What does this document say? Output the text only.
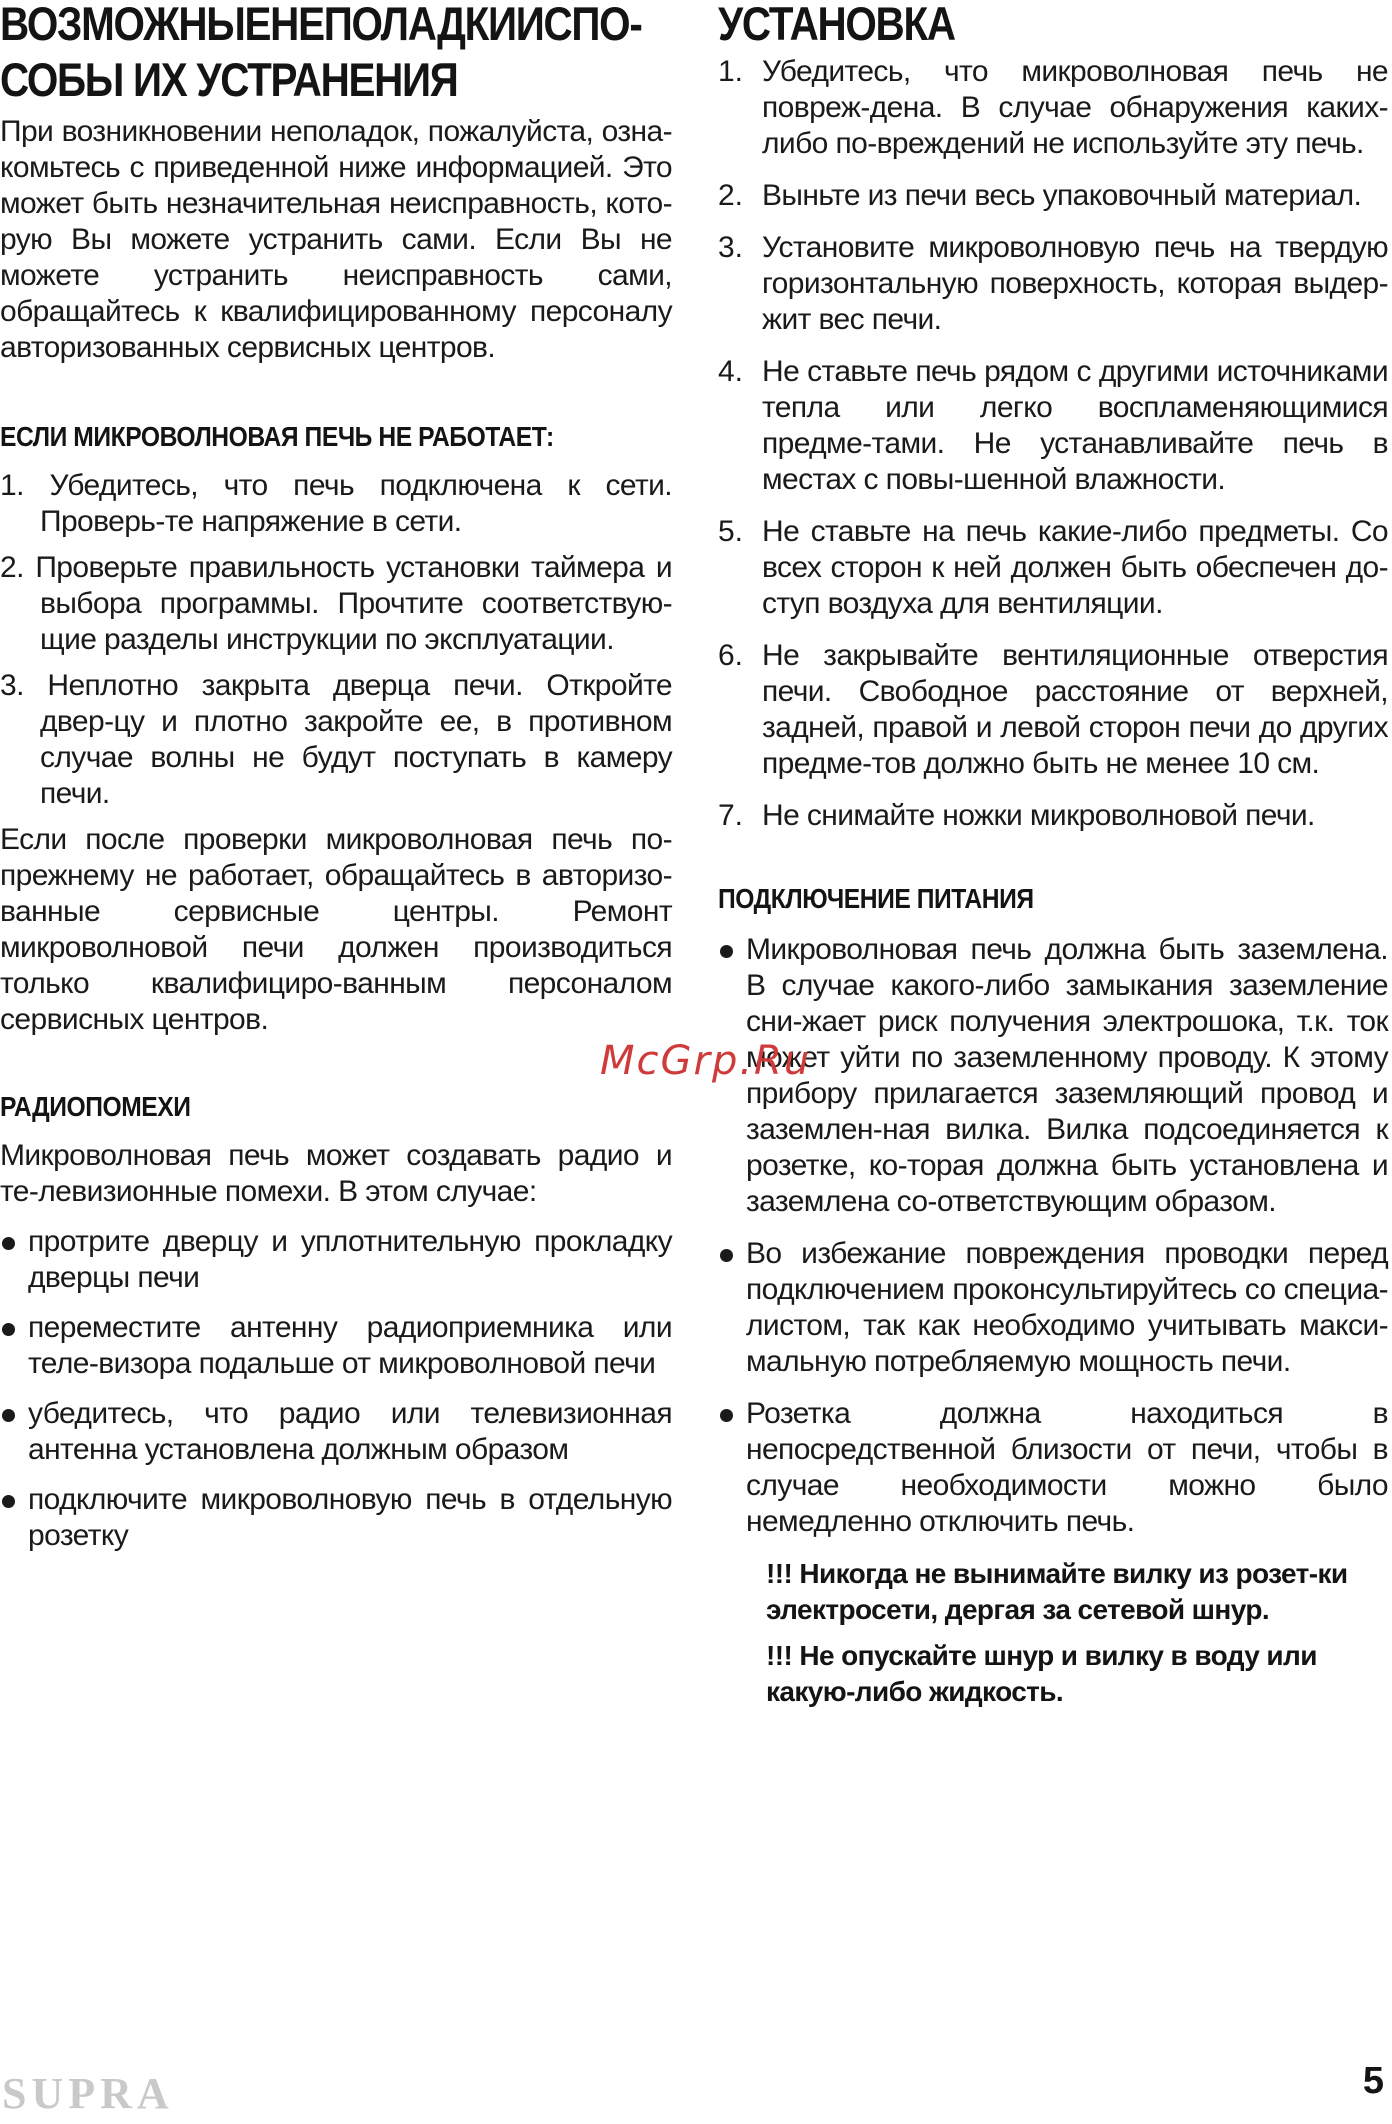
ВОЗМОЖНЫЕНЕПОЛАДКИИСПО-
СОБЫ ИХ УСТРАНЕНИЯ

При возникновении неполадок, пожалуйста, озна-комьтесь с приведенной ниже информацией. Это может быть незначительная неисправность, кото-рую Вы можете устранить сами. Если Вы не можете устранить неисправность сами, обращайтесь к квалифицированному персоналу авторизованных сервисных центров.

ЕСЛИ МИКРОВОЛНОВАЯ ПЕЧЬ НЕ РАБОТАЕТ:
1. Убедитесь, что печь подключена к сети. Проверь-те напряжение в сети.
2. Проверьте правильность установки таймера и выбора программы. Прочтите соответствую-щие разделы инструкции по эксплуатации.
3. Неплотно закрыта дверца печи. Откройте двер-цу и плотно закройте ее, в противном случае волны не будут поступать в камеру печи.

Если после проверки микроволновая печь по-прежнему не работает, обращайтесь в авторизо-ванные сервисные центры. Ремонт микроволновой печи должен производиться только квалифициро-ванным персоналом сервисных центров.

РАДИОПОМЕХИ

Микроволновая печь может создавать радио и те-левизионные помехи. В этом случае:

протрите дверцу и уплотнительную прокладку дверцы печи

переместите антенну радиоприемника или теле-визора подальше от микроволновой печи

убедитесь, что радио или телевизионная антенна установлена должным образом

подключите микроволновую печь в отдельную розетку

УСТАНОВКА
1. Убедитесь, что микроволновая печь не повреж-дена. В случае обнаружения каких-либо по-вреждений не используйте эту печь.

2. Выньте из печи весь упаковочный материал.

3. Установите микроволновую печь на твердую горизонтальную поверхность, которая выдер-жит вес печи.

4. Не ставьте печь рядом с другими источниками тепла или легко воспламеняющимися предме-тами. Не устанавливайте печь в местах с повы-шенной влажности.

5. Не ставьте на печь какие-либо предметы. Со всех сторон к ней должен быть обеспечен до-ступ воздуха для вентиляции.

6. Не закрывайте вентиляционные отверстия печи. Свободное расстояние от верхней, задней, правой и левой сторон печи до других предме-тов должно быть не менее 10 см.

7. Не снимайте ножки микроволновой печи.

ПОДКЛЮЧЕНИЕ ПИТАНИЯ

Микроволновая печь должна быть заземлена. В случае какого-либо замыкания заземление сни-жает риск получения электрошока, т.к. ток может уйти по заземленному проводу. К этому прибору прилагается заземляющий провод и заземлен-ная вилка. Вилка подсоединяется к розетке, ко-торая должна быть установлена и заземлена со-ответствующим образом.

Во избежание повреждения проводки перед подключением проконсультируйтесь со специа-листом, так как необходимо учитывать макси-мальную потребляемую мощность печи.

Розетка должна находиться в непосредственной близости от печи, чтобы в случае необходимости можно было немедленно отключить печь.

!!! Никогда не вынимайте вилку из розет-ки электросети, дергая за сетевой шнур.

!!! Не опускайте шнур и вилку в воду или какую-либо жидкость.

McGrp.Ru
SUPRA	5
